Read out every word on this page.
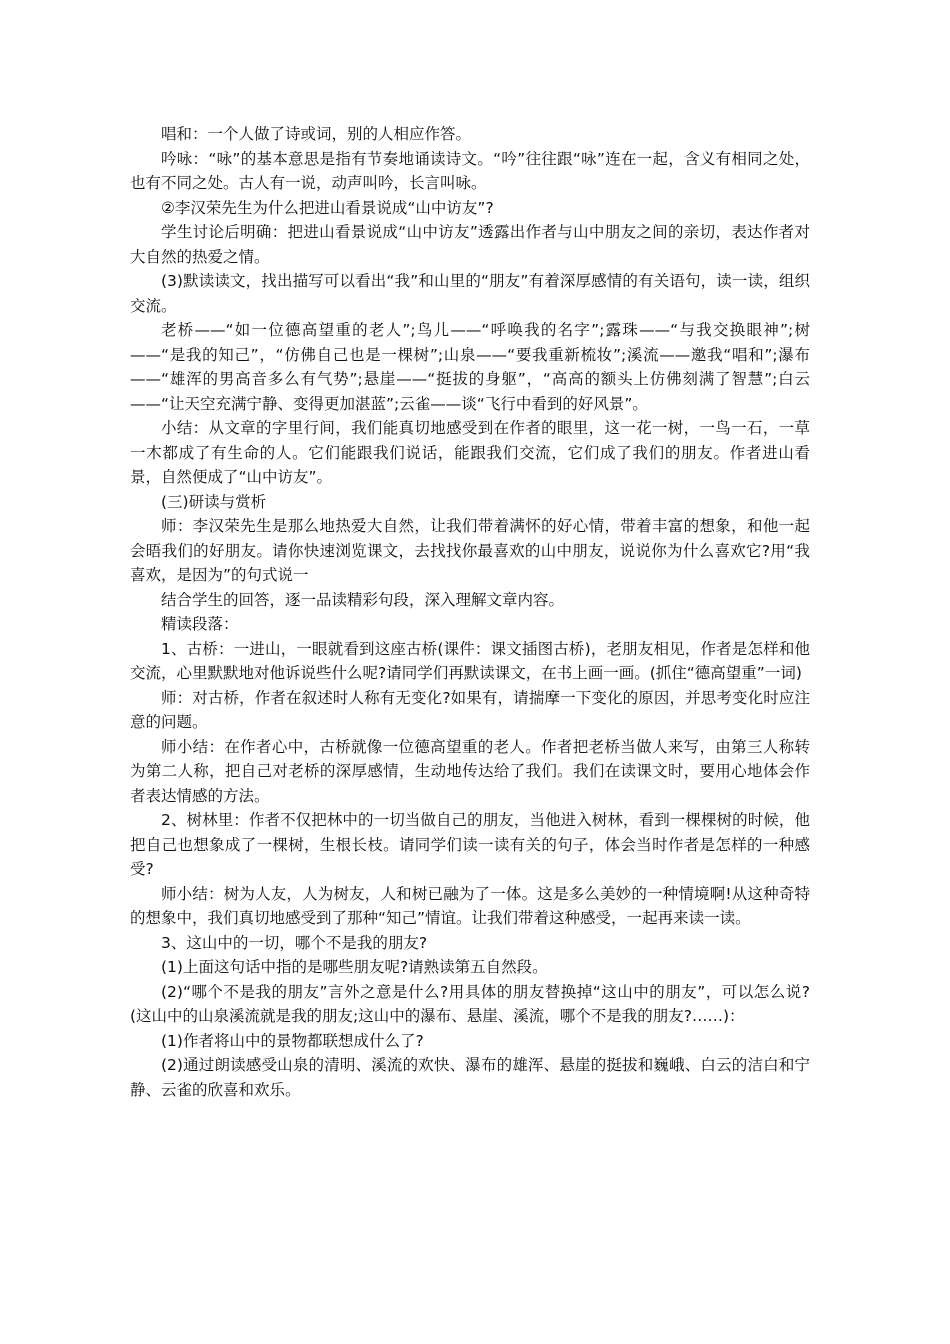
唱和：一个人做了诗或词，别的人相应作答。

吟咏：“咏”的基本意思是指有节奏地诵读诗文。“吟”往往跟“咏”连在一起，含义有相同之处，也有不同之处。古人有一说，动声叫吟，长言叫咏。

②李汉荣先生为什么把进山看景说成“山中访友”?

学生讨论后明确：把进山看景说成“山中访友”透露出作者与山中朋友之间的亲切，表达作者对大自然的热爱之情。

(3)默读读文，找出描写可以看出“我”和山里的“朋友”有着深厚感情的有关语句，读一读，组织交流。

老桥——“如一位德高望重的老人”;鸟儿——“呼唤我的名字”;露珠——“与我交换眼神”;树——“是我的知己”，“仿佛自己也是一棵树”;山泉——“要我重新梳妆”;溪流——邀我“唱和”;瀑布——“雄浑的男高音多么有气势”;悬崖——“挺拔的身躯”，“高高的额头上仿佛刻满了智慧”;白云——“让天空充满宁静、变得更加湛蓝”;云雀——谈“飞行中看到的好风景”。

小结：从文章的字里行间，我们能真切地感受到在作者的眼里，这一花一树，一鸟一石，一草一木都成了有生命的人。它们能跟我们说话，能跟我们交流，它们成了我们的朋友。作者进山看景，自然便成了“山中访友”。

(三)研读与赏析

师：李汉荣先生是那么地热爱大自然，让我们带着满怀的好心情，带着丰富的想象，和他一起会晤我们的好朋友。请你快速浏览课文，去找找你最喜欢的山中朋友，说说你为什么喜欢它?用“我喜欢，是因为”的句式说一

结合学生的回答，逐一品读精彩句段，深入理解文章内容。

精读段落：

1、古桥：一进山，一眼就看到这座古桥(课件：课文插图古桥)，老朋友相见，作者是怎样和他交流，心里默默地对他诉说些什么呢?请同学们再默读课文，在书上画一画。(抓住“德高望重”一词)

师：对古桥，作者在叙述时人称有无变化?如果有，请揣摩一下变化的原因，并思考变化时应注意的问题。

师小结：在作者心中，古桥就像一位德高望重的老人。作者把老桥当做人来写，由第三人称转为第二人称，把自己对老桥的深厚感情，生动地传达给了我们。我们在读课文时，要用心地体会作者表达情感的方法。

2、树林里：作者不仅把林中的一切当做自己的朋友，当他进入树林，看到一棵棵树的时候，他把自己也想象成了一棵树，生根长枝。请同学们读一读有关的句子，体会当时作者是怎样的一种感受?

师小结：树为人友，人为树友，人和树已融为了一体。这是多么美妙的一种情境啊!从这种奇特的想象中，我们真切地感受到了那种“知己”情谊。让我们带着这种感受，一起再来读一读。

3、这山中的一切，哪个不是我的朋友?

(1)上面这句话中指的是哪些朋友呢?请熟读第五自然段。

(2)“哪个不是我的朋友”言外之意是什么?用具体的朋友替换掉“这山中的朋友”，可以怎么说?(这山中的山泉溪流就是我的朋友;这山中的瀑布、悬崖、溪流，哪个不是我的朋友?……)：

(1)作者将山中的景物都联想成什么了?

(2)通过朗读感受山泉的清明、溪流的欢快、瀑布的雄浑、悬崖的挺拔和巍峨、白云的洁白和宁静、云雀的欣喜和欢乐。
